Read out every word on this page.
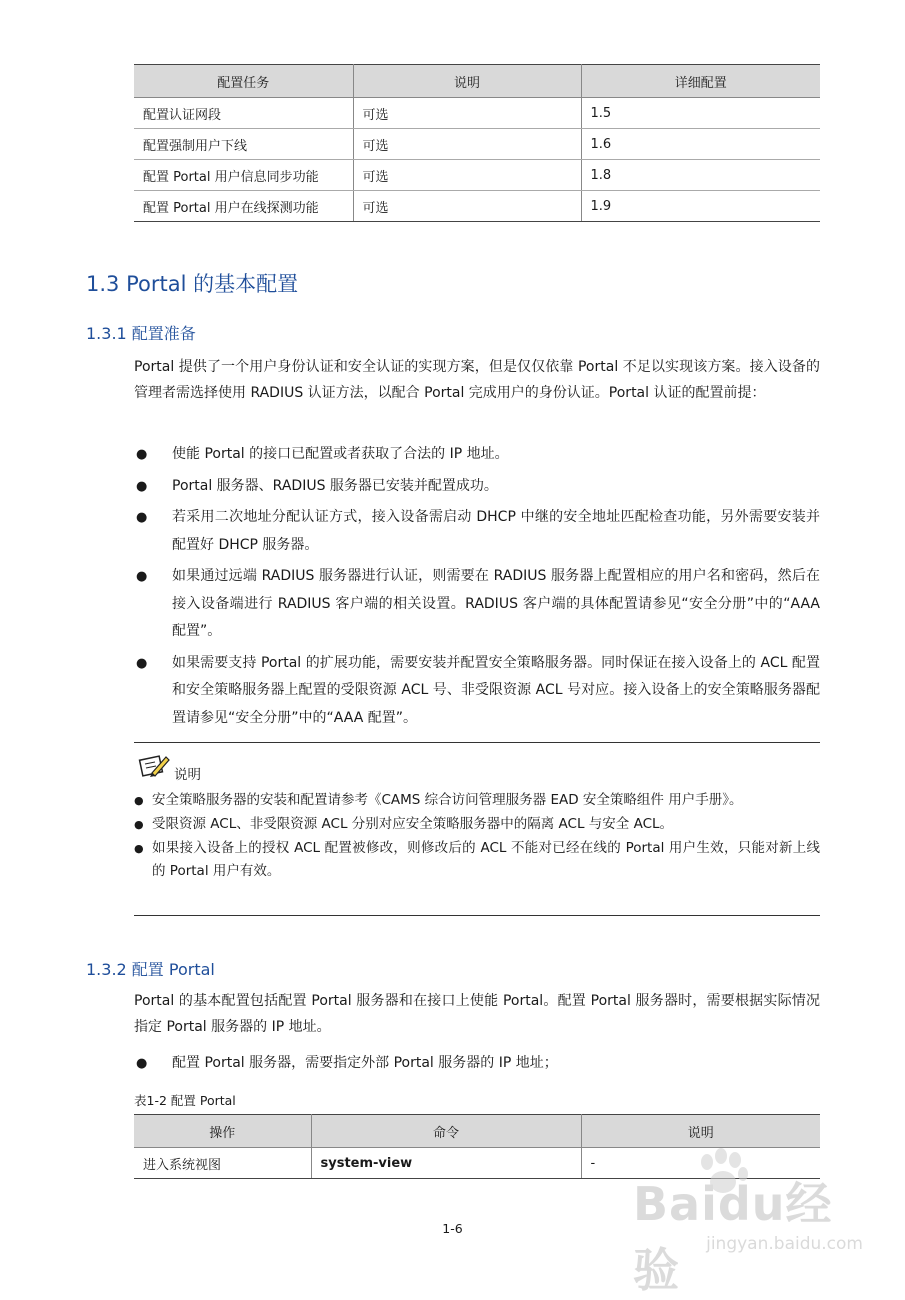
配置任务	说明	详细配置
配置认证网段	可选	1.5
配置强制用户下线	可选	1.6
配置 Portal 用户信息同步功能	可选	1.8
配置 Portal 用户在线探测功能	可选	1.9
1.3 Portal 的基本配置
1.3.1 配置准备
Portal 提供了一个用户身份认证和安全认证的实现方案，但是仅仅依靠 Portal 不足以实现该方案。接入设备的管理者需选择使用 RADIUS 认证方法，以配合 Portal 完成用户的身份认证。Portal 认证的配置前提：
● 使能 Portal 的接口已配置或者获取了合法的 IP 地址。
● Portal 服务器、RADIUS 服务器已安装并配置成功。
● 若采用二次地址分配认证方式，接入设备需启动 DHCP 中继的安全地址匹配检查功能，另外需要安装并配置好 DHCP 服务器。
● 如果通过远端 RADIUS 服务器进行认证，则需要在 RADIUS 服务器上配置相应的用户名和密码，然后在接入设备端进行 RADIUS 客户端的相关设置。RADIUS 客户端的具体配置请参见“安全分册”中的“AAA 配置”。
● 如果需要支持 Portal 的扩展功能，需要安装并配置安全策略服务器。同时保证在接入设备上的 ACL 配置和安全策略服务器上配置的受限资源 ACL 号、非受限资源 ACL 号对应。接入设备上的安全策略服务器配置请参见“安全分册”中的“AAA 配置”。
说明
● 安全策略服务器的安装和配置请参考《CAMS 综合访问管理服务器 EAD 安全策略组件 用户手册》。
● 受限资源 ACL、非受限资源 ACL 分别对应安全策略服务器中的隔离 ACL 与安全 ACL。
● 如果接入设备上的授权 ACL 配置被修改，则修改后的 ACL 不能对已经在线的 Portal 用户生效，只能对新上线的 Portal 用户有效。
1.3.2 配置 Portal
Portal 的基本配置包括配置 Portal 服务器和在接口上使能 Portal。配置 Portal 服务器时，需要根据实际情况指定 Portal 服务器的 IP 地址。
● 配置 Portal 服务器，需要指定外部 Portal 服务器的 IP 地址；
表1-2 配置 Portal
操作	命令	说明
进入系统视图	system-view	-
1-6	Baidu经验	jingyan.baidu.com
